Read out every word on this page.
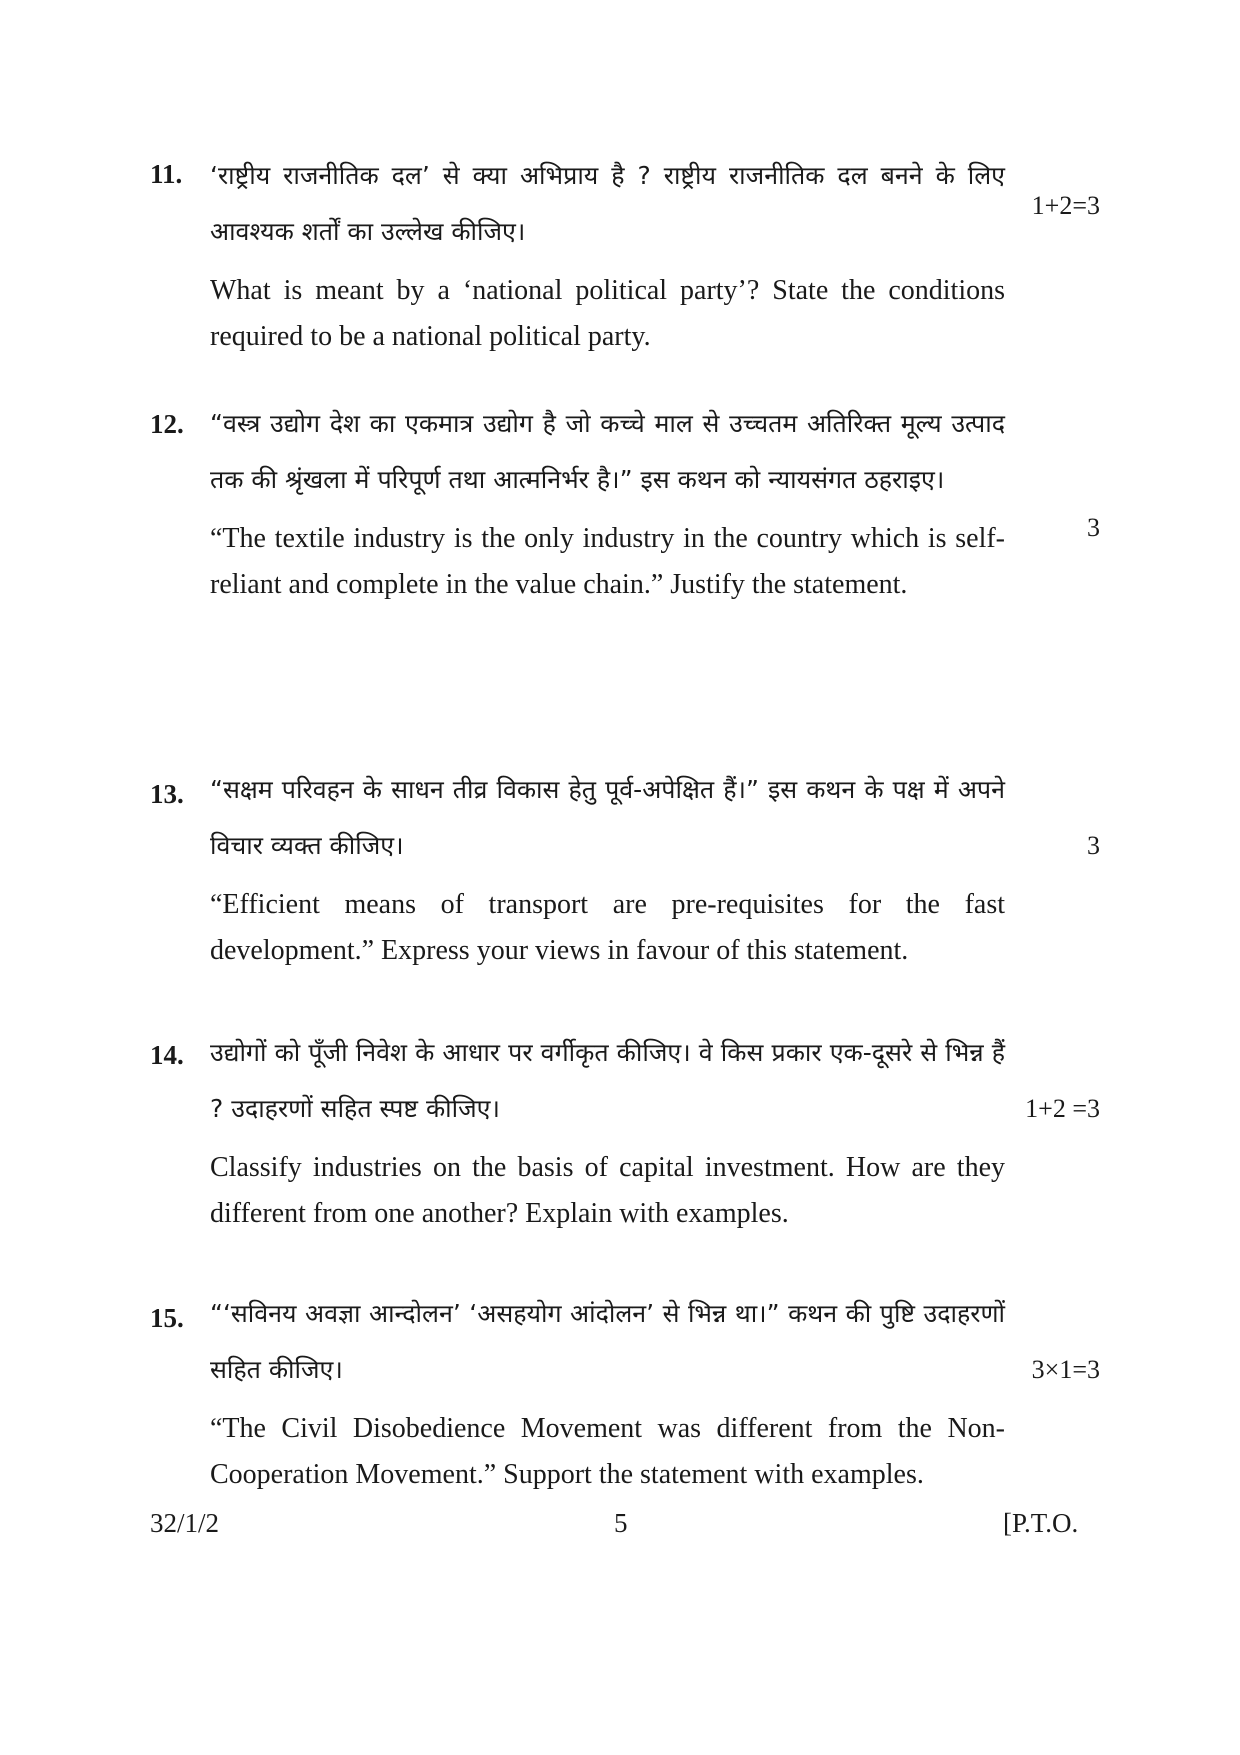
11. ‘राष्ट्रीय राजनीतिक दल’ से क्या अभिप्राय है ? राष्ट्रीय राजनीतिक दल बनने के लिए आवश्यक शर्तों का उल्लेख कीजिए।
What is meant by a ‘national political party’? State the conditions required to be a national political party.
1+2=3
12. “वस्त्र उद्योग देश का एकमात्र उद्योग है जो कच्चे माल से उच्चतम अतिरिक्त मूल्य उत्पाद तक की श्रृंखला में परिपूर्ण तथा आत्मनिर्भर है।” इस कथन को न्यायसंगत ठहराइए।
“The textile industry is the only industry in the country which is self-reliant and complete in the value chain.” Justify the statement.
3
13. “सक्षम परिवहन के साधन तीव्र विकास हेतु पूर्व-अपेक्षित हैं।” इस कथन के पक्ष में अपने विचार व्यक्त कीजिए।
“Efficient means of transport are pre-requisites for the fast development.” Express your views in favour of this statement.
3
14. उद्योगों को पूँजी निवेश के आधार पर वर्गीकृत कीजिए। वे किस प्रकार एक-दूसरे से भिन्न हैं ? उदाहरणों सहित स्पष्ट कीजिए।
Classify industries on the basis of capital investment. How are they different from one another? Explain with examples.
1+2 =3
15. “‘सविनय अवज्ञा आन्दोलन’ ‘असहयोग आंदोलन’ से भिन्न था।” कथन की पुष्टि उदाहरणों सहित कीजिए।
“The Civil Disobedience Movement was different from the Non-Cooperation Movement.” Support the statement with examples.
3×1=3
32/1/2	5	[P.T.O.
